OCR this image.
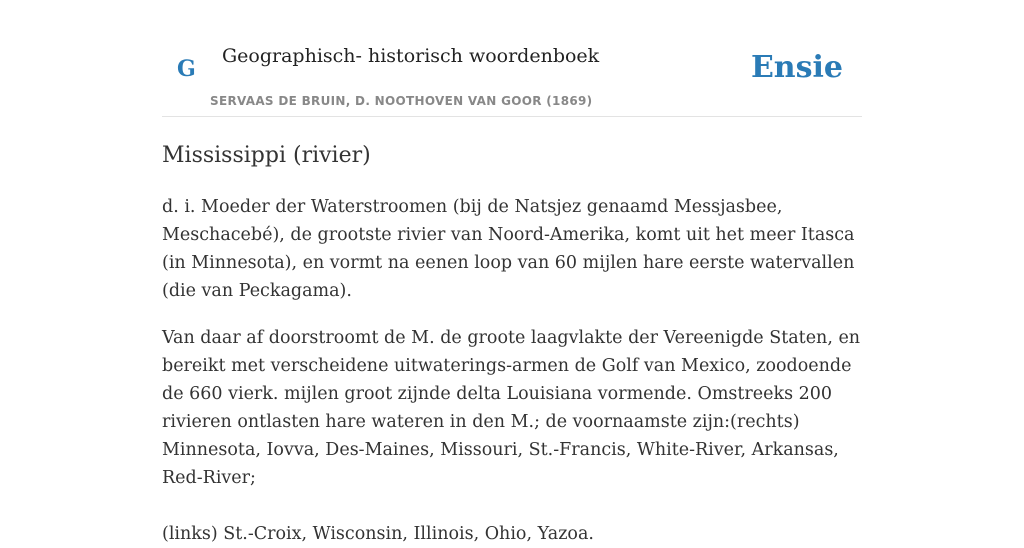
G Geographisch- historisch woordenboek
SERVAAS DE BRUIN, D. NOOTHOVEN VAN GOOR (1869)
Ensie
Mississippi (rivier)

d. i. Moeder der Waterstroomen (bij de Natsjez genaamd Messjasbee, Meschacebé), de grootste rivier van Noord-Amerika, komt uit het meer Itasca (in Minnesota), en vormt na eenen loop van 60 mijlen hare eerste watervallen (die van Peckagama).

Van daar af doorstroomt de M. de groote laagvlakte der Vereenigde Staten, en bereikt met verscheidene uitwaterings-armen de Golf van Mexico, zoodoende de 660 vierk. mijlen groot zijnde delta Louisiana vormende. Omstreeks 200 rivieren ontlasten hare wateren in den M.; de voornaamste zijn:(rechts) Minnesota, Iovva, Des-Maines, Missouri, St.-Francis, White-River, Arkansas, Red-River;

(links) St.-Croix, Wisconsin, Illinois, Ohio, Yazoa.
